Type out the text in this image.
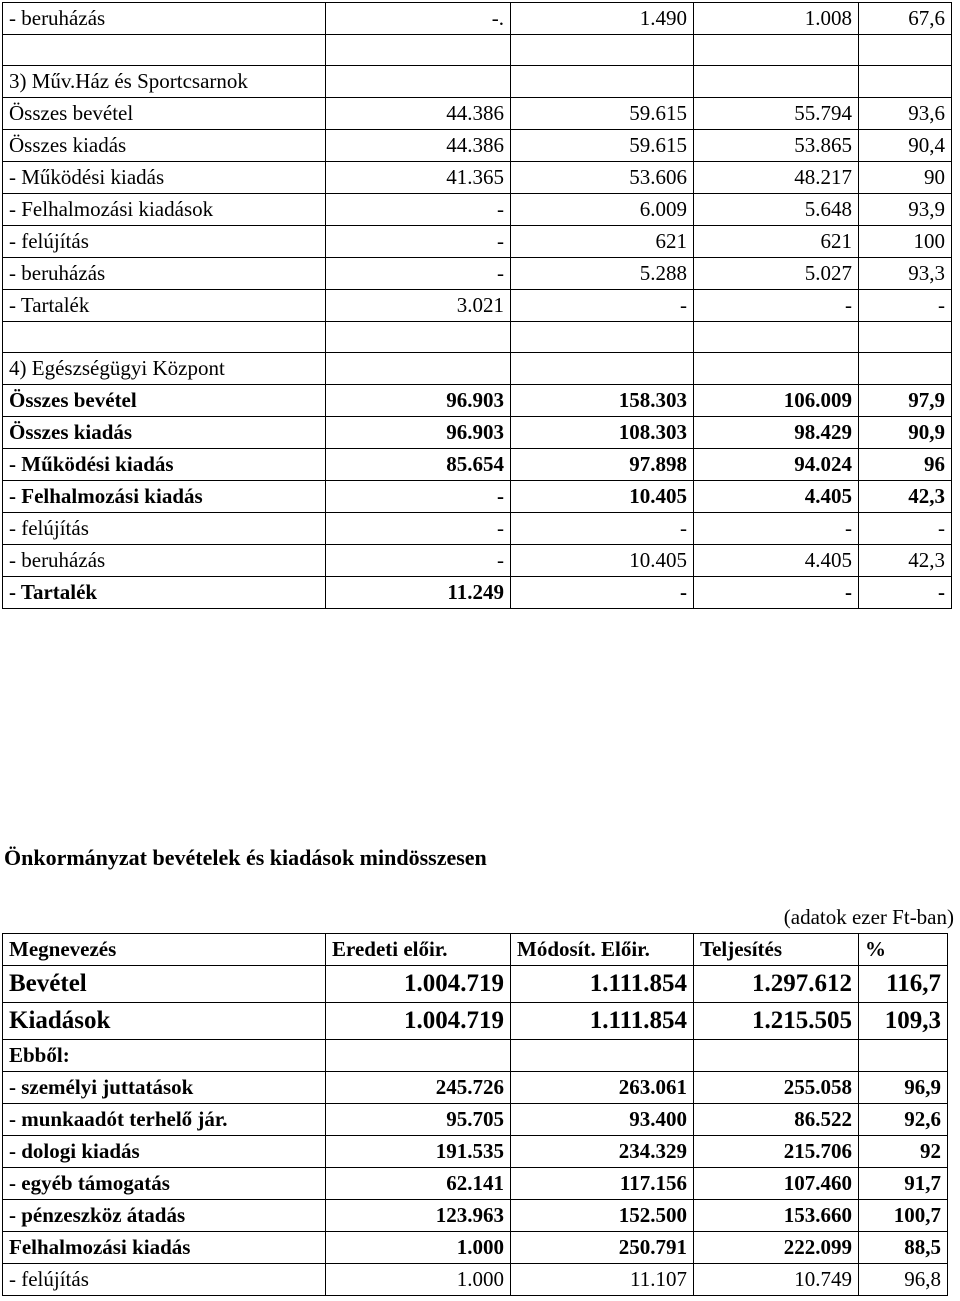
- beruházás	-.	1.490	1.008	67,6

3) Műv.Ház és Sportcsarnok				
Összes bevétel	44.386	59.615	55.794	93,6
Összes kiadás	44.386	59.615	53.865	90,4
- Működési kiadás	41.365	53.606	48.217	90
- Felhalmozási kiadások	-	6.009	5.648	93,9
- felújítás	-	621	621	100
- beruházás	-	5.288	5.027	93,3
- Tartalék	3.021	-	-	-

4) Egészségügyi Központ				
Összes bevétel	96.903	158.303	106.009	97,9
Összes kiadás	96.903	108.303	98.429	90,9
- Működési kiadás	85.654	97.898	94.024	96
- Felhalmozási kiadás	-	10.405	4.405	42,3
- felújítás	-	-	-	-
- beruházás	-	10.405	4.405	42,3
- Tartalék	11.249	-	-	-
Önkormányzat bevételek és kiadások mindösszesen
(adatok ezer Ft-ban)
Megnevezés	Eredeti előir.	Módosít. Előir.	Teljesítés	%
Bevétel	1.004.719	1.111.854	1.297.612	116,7
Kiadások	1.004.719	1.111.854	1.215.505	109,3
Ebből:				
- személyi juttatások	245.726	263.061	255.058	96,9
- munkaadót terhelő jár.	95.705	93.400	86.522	92,6
- dologi kiadás	191.535	234.329	215.706	92
- egyéb támogatás	62.141	117.156	107.460	91,7
- pénzeszköz átadás	123.963	152.500	153.660	100,7
Felhalmozási kiadás	1.000	250.791	222.099	88,5
- felújítás	1.000	11.107	10.749	96,8
